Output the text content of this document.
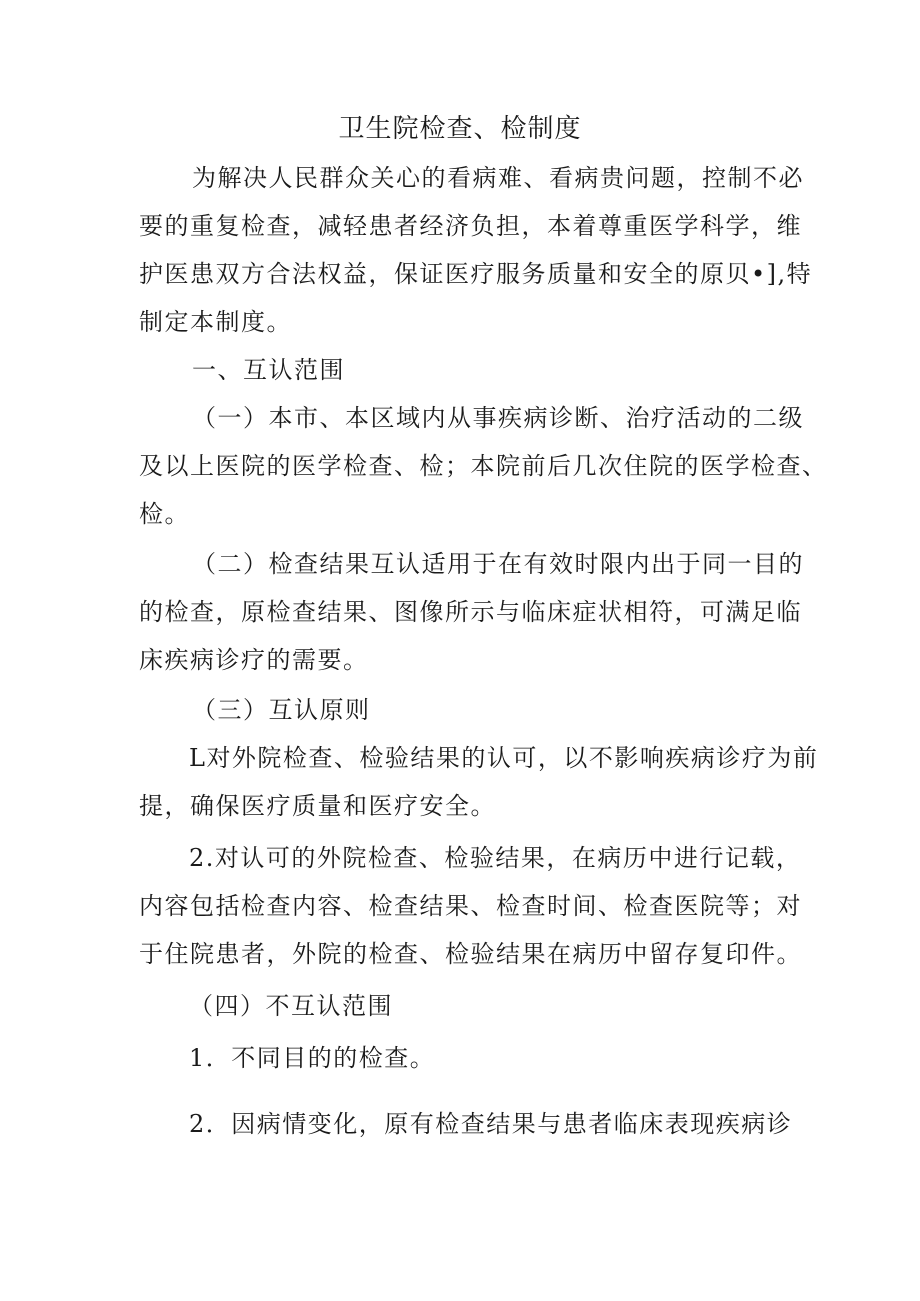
卫生院检查、检制度
为解决人民群众关心的看病难、看病贵问题，控制不必
要的重复检查，减轻患者经济负担，本着尊重医学科学，维
护医患双方合法权益，保证医疗服务质量和安全的原贝•],特
制定本制度。
一、互认范围
（一）本市、本区域内从事疾病诊断、治疗活动的二级
及以上医院的医学检查、检；本院前后几次住院的医学检查、
检。
（二）检查结果互认适用于在有效时限内出于同一目的
的检查，原检查结果、图像所示与临床症状相符，可满足临
床疾病诊疗的需要。
（三）互认原则
L对外院检查、检验结果的认可，以不影响疾病诊疗为前
提，确保医疗质量和医疗安全。
2.对认可的外院检查、检验结果，在病历中进行记载，
内容包括检查内容、检查结果、检查时间、检查医院等；对
于住院患者，外院的检查、检验结果在病历中留存复印件。
（四）不互认范围
1．不同目的的检查。
2．因病情变化，原有检查结果与患者临床表现疾病诊
